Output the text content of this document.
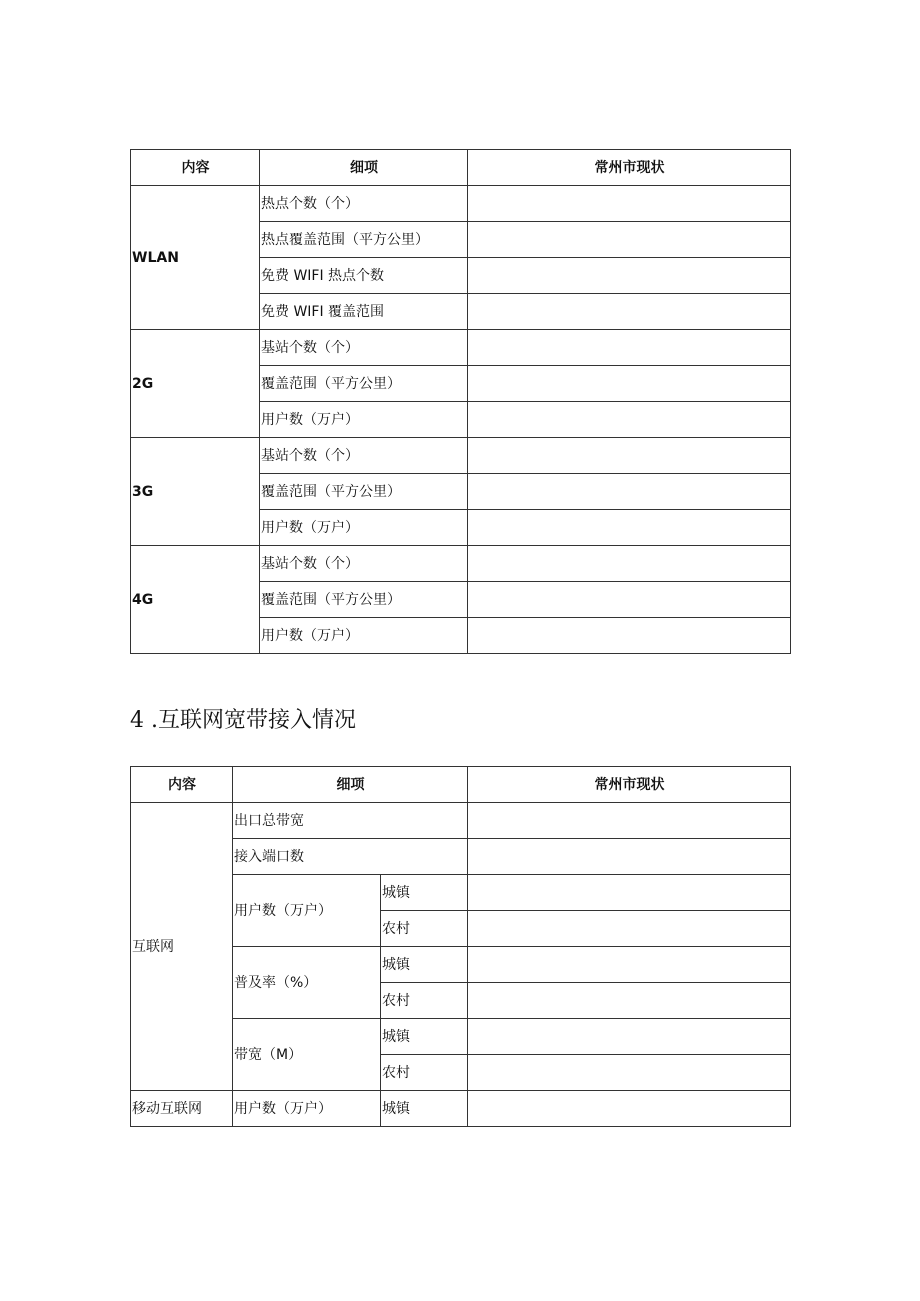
内容	细项	常州市现状
WLAN	热点个数（个）	
	热点覆盖范围（平方公里）	
	免费 WIFI 热点个数	
	免费 WIFI 覆盖范围	
2G	基站个数（个）	
	覆盖范围（平方公里）	
	用户数（万户）	
3G	基站个数（个）	
	覆盖范围（平方公里）	
	用户数（万户）	
4G	基站个数（个）	
	覆盖范围（平方公里）	
	用户数（万户）	
4 .互联网宽带接入情况
内容	细项		常州市现状
互联网	出口总带宽		
	接入端口数		
	用户数（万户）	城镇	
		农村	
	普及率（%）	城镇	
		农村	
	带宽（M）	城镇	
		农村	
移动互联网	用户数（万户）	城镇	
